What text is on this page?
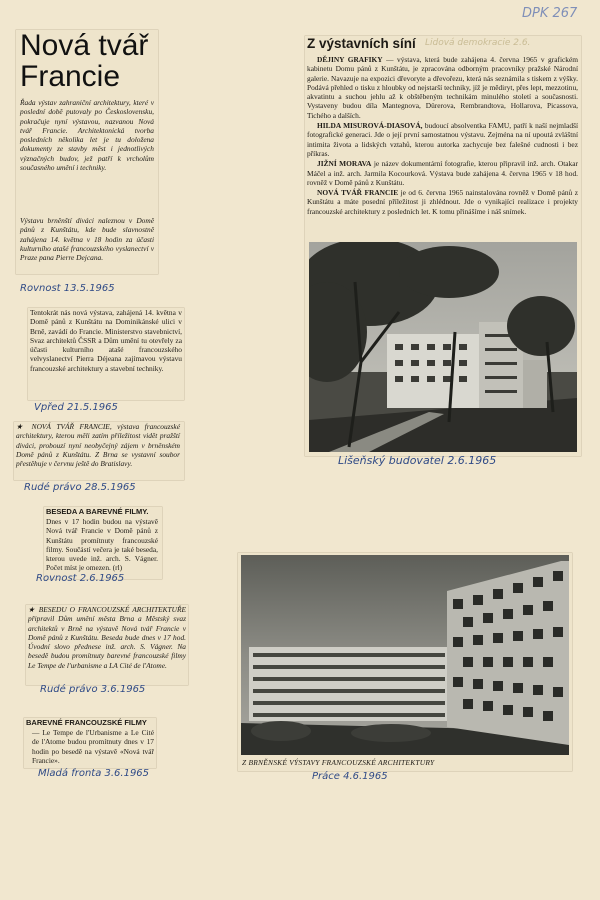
DPK 267
Nová tvář Francie
Řada výstav zahraniční architektury, které v poslední době putovaly po Československu, pokračuje nyní výstavou, nazvanou Nová tvář Francie. Architektonická tvorba posledních několika let je tu doložena dokumenty ze stavby měst i jednotlivých význačných budov, jež patří k vrcholům současného umění i techniky.
Výstavu brněnští diváci naleznou v Domě pánů z Kunštátu, kde bude slavnostně zahájena 14. května v 18 hodin za účasti kulturního atašé francouzského vyslanectví v Praze pana Pierre Dejcana.
Rovnost 13.5.1965
Tentokrát nás nová výstava, zahájená 14. května v Domě pánů z Kunštátu na Dominikánské ulici v Brně, zavádí do Francie. Ministerstvo stavebnictví, Svaz architektů ČSSR a Dům umění tu otevřely za účasti kulturního atašé francouzského velvyslanectví Pierra Déjeana zajímavou výstavu francouzské architektury a stavební techniky.
Vpřed 21.5.1965
★ NOVÁ TVÁŘ FRANCIE, výstava francouzské architektury, kterou měli zatím příležitost vidět pražští diváci, probouzí nyní neobyčejný zájem v brněnském Domě pánů z Kunštátu. Z Brna se vystavní soubor přestěhuje v červnu ještě do Bratislavy.
Rudé právo 28.5.1965
BESEDA A BAREVNÉ FILMY.
Dnes v 17 hodin budou na výstavě Nová tvář Francie v Domě pánů z Kunštátu promítnuty francouzské filmy. Součástí večera je také beseda, kterou uvede inž. arch. S. Vágner. Počet míst je omezen. (rl)
Rovnost 2.6.1965
★ BESEDU O FRANCOUZSKÉ ARCHITEKTUŘE připravil Dům umění města Brna a Městský svaz architektů v Brně na výstavě Nová tvář Francie v Domě pánů z Kunštátu. Beseda bude dnes v 17 hod. Úvodní slovo přednese inž. arch. S. Vágner. Na besedě budou promítnuty barevné francouzské filmy Le Tempe de l'urbanisme a LA Cité de l'Atome.
Rudé právo 3.6.1965
BAREVNÉ FRANCOUZSKÉ FILMY
— Le Tempe de l'Urbanisme a Le Cité de l'Atome budou promítnuty dnes v 17 hodin po besedě na výstavě «Nová tvář Francie».
Mladá fronta 3.6.1965
Z výstavních síní Lidová demokracie 2.6.

DĚJINY GRAFIKY — výstava, která bude zahájena 4. června 1965 v grafickém kabinetu Domu pánů z Kunštátu, je zpracována odborným pracovníky pražské Národní galerie. Navazuje na expozici dřevoryte a dřevořezu, která nás seznámila s tiskem z výšky. Podává přehled o tisku z hloubky od nejstarší techniky, jíž je mědiryt, přes lept, mezzotinu, akvatintu a suchou jehlu až k obštěbeným technikám minulého století a současnosti. Vystaveny budou díla Mantegnova, Dürerova, Rembrandtova, Hollarova, Picassova, Tichého a dalších.

HILDA MISUROVÁ-DIASOVÁ, budoucí absolventka FAMU, patří k naší nejmladší fotografické generaci. Jde o její první samostatnou výstavu. Zejména na ní upoutá zvláštní intimita života a lidských vztahů, kterou autorka zachycuje bez falešné cudnosti i bez příkras.

JIŽNÍ MORAVA je název dokumentární fotografie, kterou připravil inž. arch. Otakar Máčel a inž. arch. Jarmila Kocourková. Výstava bude zahájena 4. června 1965 v 18 hod. rovněž v Domě pánů z Kunštátu.

NOVÁ TVÁŘ FRANCIE je od 6. června 1965 nainstalována rovněž v Domě pánů z Kunštátu a máte posední příležitost ji zhlédnout. Jde o vynikající realizace i projekty francouzské architektury z posledních let. K tomu přinášíme i náš snímek.

Lišeňský budovatel 2.6.1965
Z BRNĚNSKÉ VÝSTAVY FRANCOUZSKÉ ARCHITEKTURY
Práce 4.6.1965
